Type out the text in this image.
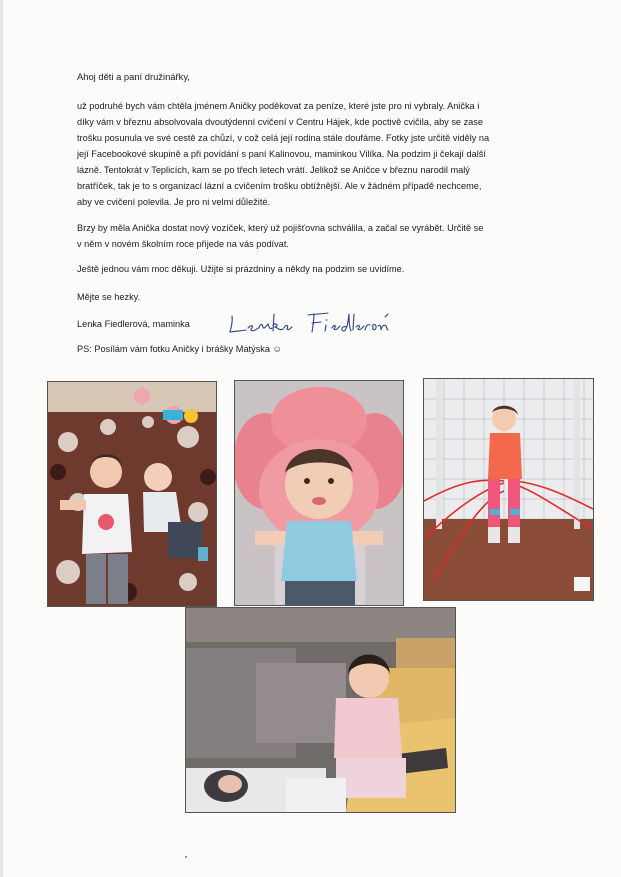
Ahoj děti a paní družinářky,
už podruhé bych vám chtěla jménem Aničky poděkovat za peníze, které jste pro ni vybraly. Anička i
díky vám v březnu absolvovala dvoutýdenní cvičení v Centru Hájek, kde poctivě cvičila, aby se zase
trošku posunula ve své cestě za chůzí, v což celá její rodina stále doufáme. Fotky jste určitě viděly na
její Facebookové skupině a při povídání s paní Kalinovou, maminkou Vilíka. Na podzim ji čekají další
lázně. Tentokrát v Teplicích, kam se po třech letech vrátí. Jelikož se Aničce v březnu narodil malý
bratříček, tak je to s organizací lázní a cvičením trošku obtížnější. Ale v žádném případě nechceme,
aby ve cvičení polevila. Je pro ni velmi důležité.
Brzy by měla Anička dostat nový vozíček, který už pojišťovna schválila, a začal se vyrábět. Určitě se
v něm v novém školním roce přijede na vás podívat.
Ještě jednou vám moc děkuji. Užijte si prázdniny a někdy na podzim se uvidíme.
Mějte se hezky.
Lenka Fiedlerová, maminka
PS: Posílám vám fotku Aničky i brášky Matýska ☺
